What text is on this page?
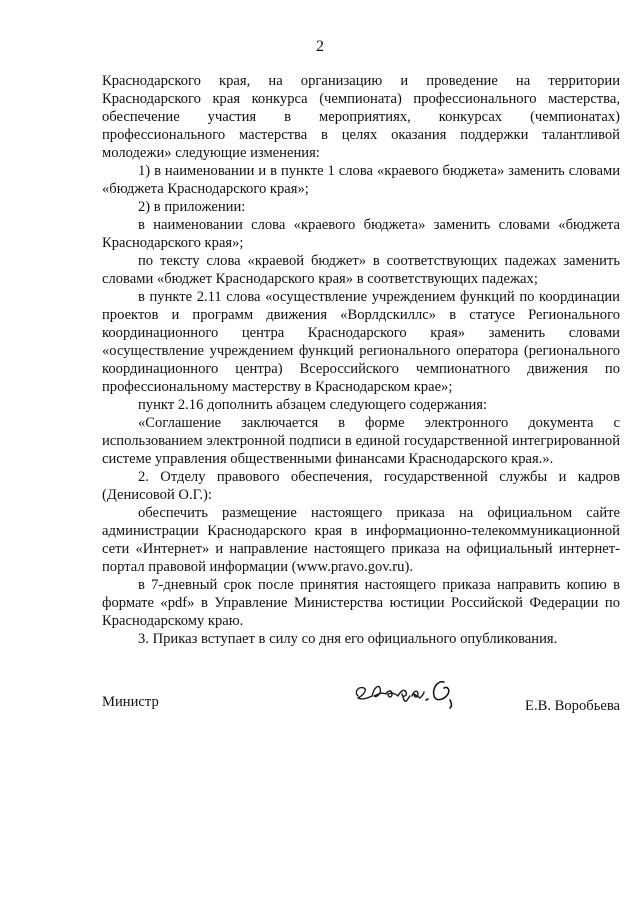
2

Краснодарского края, на организацию и проведение на территории Краснодарского края конкурса (чемпионата) профессионального мастерства, обеспечение участия в мероприятиях, конкурсах (чемпионатах) профессионального мастерства в целях оказания поддержки талантливой молодежи» следующие изменения:

1) в наименовании и в пункте 1 слова «краевого бюджета» заменить словами «бюджета Краснодарского края»;

2) в приложении:

в наименовании слова «краевого бюджета» заменить словами «бюджета Краснодарского края»;

по тексту слова «краевой бюджет» в соответствующих падежах заменить словами «бюджет Краснодарского края» в соответствующих падежах;

в пункте 2.11 слова «осуществление учреждением функций по координации проектов и программ движения «Ворлдскиллс» в статусе Регионального координационного центра Краснодарского края» заменить словами «осуществление учреждением функций регионального оператора (регионального координационного центра) Всероссийского чемпионатного движения по профессиональному мастерству в Краснодарском крае»;

пункт 2.16 дополнить абзацем следующего содержания:

«Соглашение заключается в форме электронного документа с использованием электронной подписи в единой государственной интегрированной системе управления общественными финансами Краснодарского края.».

2. Отделу правового обеспечения, государственной службы и кадров (Денисовой О.Г.):

обеспечить размещение настоящего приказа на официальном сайте администрации Краснодарского края в информационно-телекоммуникационной сети «Интернет» и направление настоящего приказа на официальный интернет-портал правовой информации (www.pravo.gov.ru).

в 7-дневный срок после принятия настоящего приказа направить копию в формате «pdf» в Управление Министерства юстиции Российской Федерации по Краснодарскому краю.

3. Приказ вступает в силу со дня его официального опубликования.

Министр	Е.В. Воробьева
